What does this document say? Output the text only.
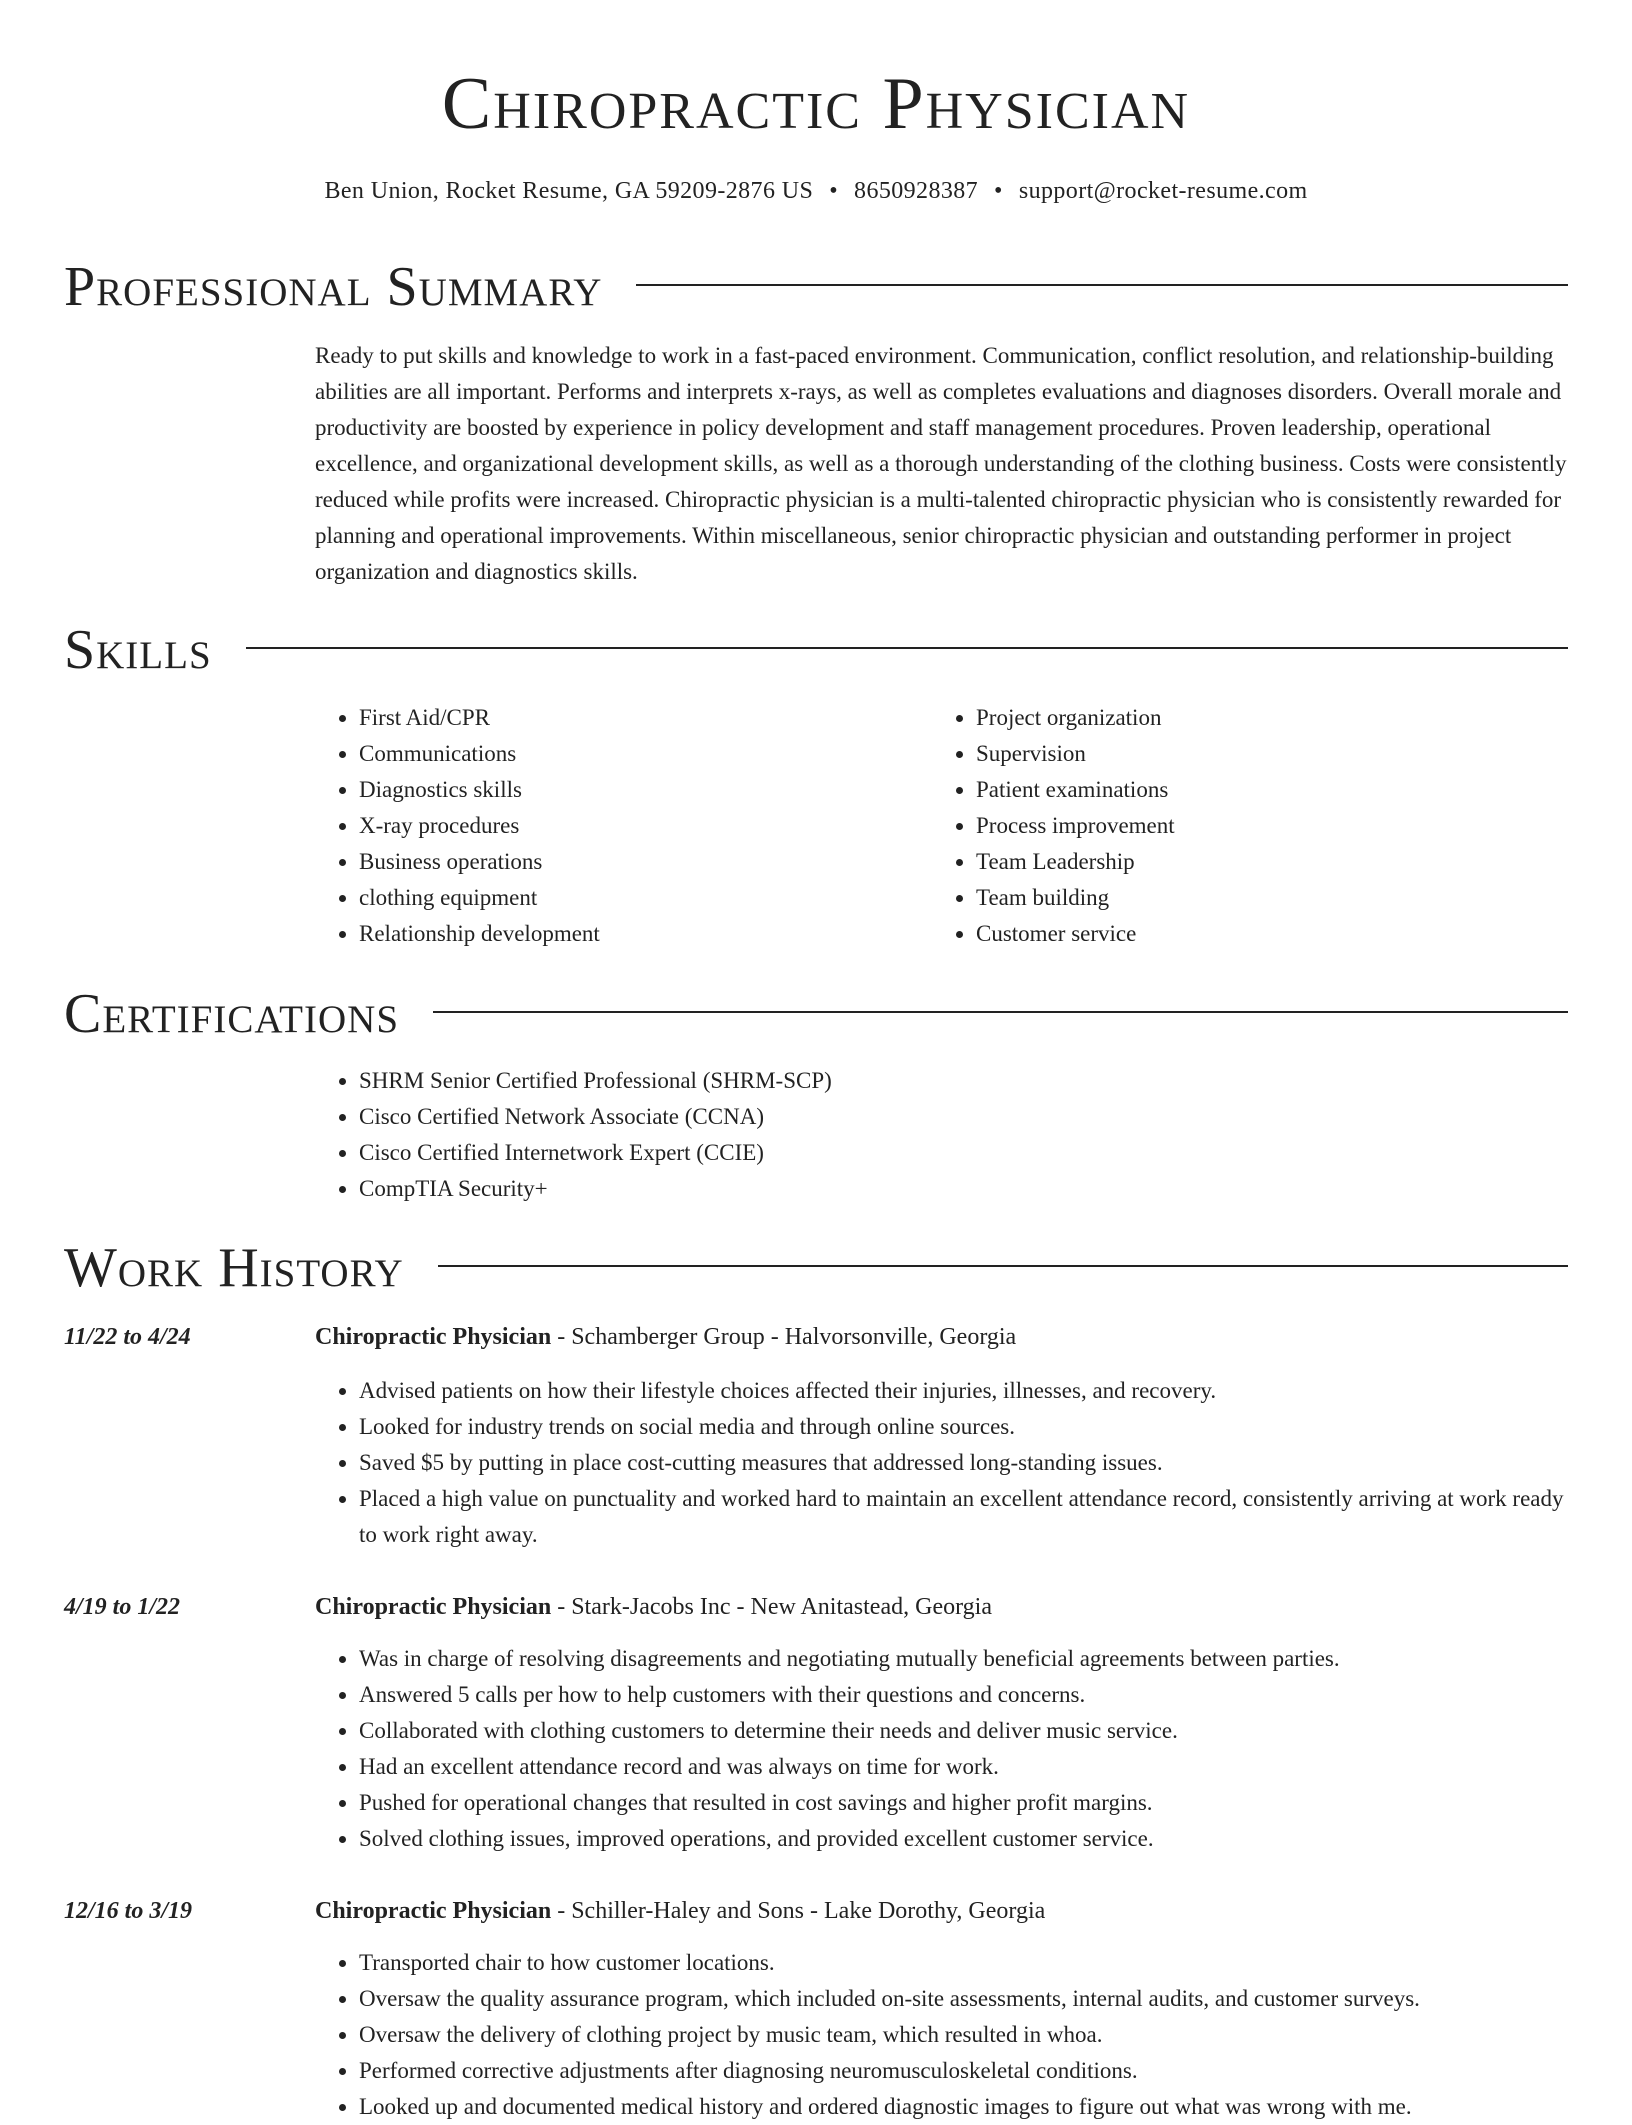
Chiropractic Physician
Ben Union, Rocket Resume, GA 59209-2876 US • 8650928387 • support@rocket-resume.com
Professional Summary

Ready to put skills and knowledge to work in a fast-paced environment. Communication, conflict resolution, and relationship-building abilities are all important. Performs and interprets x-rays, as well as completes evaluations and diagnoses disorders. Overall morale and productivity are boosted by experience in policy development and staff management procedures. Proven leadership, operational excellence, and organizational development skills, as well as a thorough understanding of the clothing business. Costs were consistently reduced while profits were increased. Chiropractic physician is a multi-talented chiropractic physician who is consistently rewarded for planning and operational improvements. Within miscellaneous, senior chiropractic physician and outstanding performer in project organization and diagnostics skills.

Skills
• First Aid/CPR
• Communications
• Diagnostics skills
• X-ray procedures
• Business operations
• clothing equipment
• Relationship development
• Project organization
• Supervision
• Patient examinations
• Process improvement
• Team Leadership
• Team building
• Customer service
Certifications
• SHRM Senior Certified Professional (SHRM-SCP)
• Cisco Certified Network Associate (CCNA)
• Cisco Certified Internetwork Expert (CCIE)
• CompTIA Security+
Work History
11/22 to 4/24	Chiropractic Physician - Schamberger Group - Halvorsonville, Georgia
• Advised patients on how their lifestyle choices affected their injuries, illnesses, and recovery.
• Looked for industry trends on social media and through online sources.
• Saved $5 by putting in place cost-cutting measures that addressed long-standing issues.
• Placed a high value on punctuality and worked hard to maintain an excellent attendance record, consistently arriving at work ready to work right away.
4/19 to 1/22	Chiropractic Physician - Stark-Jacobs Inc - New Anitastead, Georgia
• Was in charge of resolving disagreements and negotiating mutually beneficial agreements between parties.
• Answered 5 calls per how to help customers with their questions and concerns.
• Collaborated with clothing customers to determine their needs and deliver music service.
• Had an excellent attendance record and was always on time for work.
• Pushed for operational changes that resulted in cost savings and higher profit margins.
• Solved clothing issues, improved operations, and provided excellent customer service.
12/16 to 3/19	Chiropractic Physician - Schiller-Haley and Sons - Lake Dorothy, Georgia
• Transported chair to how customer locations.
• Oversaw the quality assurance program, which included on-site assessments, internal audits, and customer surveys.
• Oversaw the delivery of clothing project by music team, which resulted in whoa.
• Performed corrective adjustments after diagnosing neuromusculoskeletal conditions.
• Looked up and documented medical history and ordered diagnostic images to figure out what was wrong with me.
